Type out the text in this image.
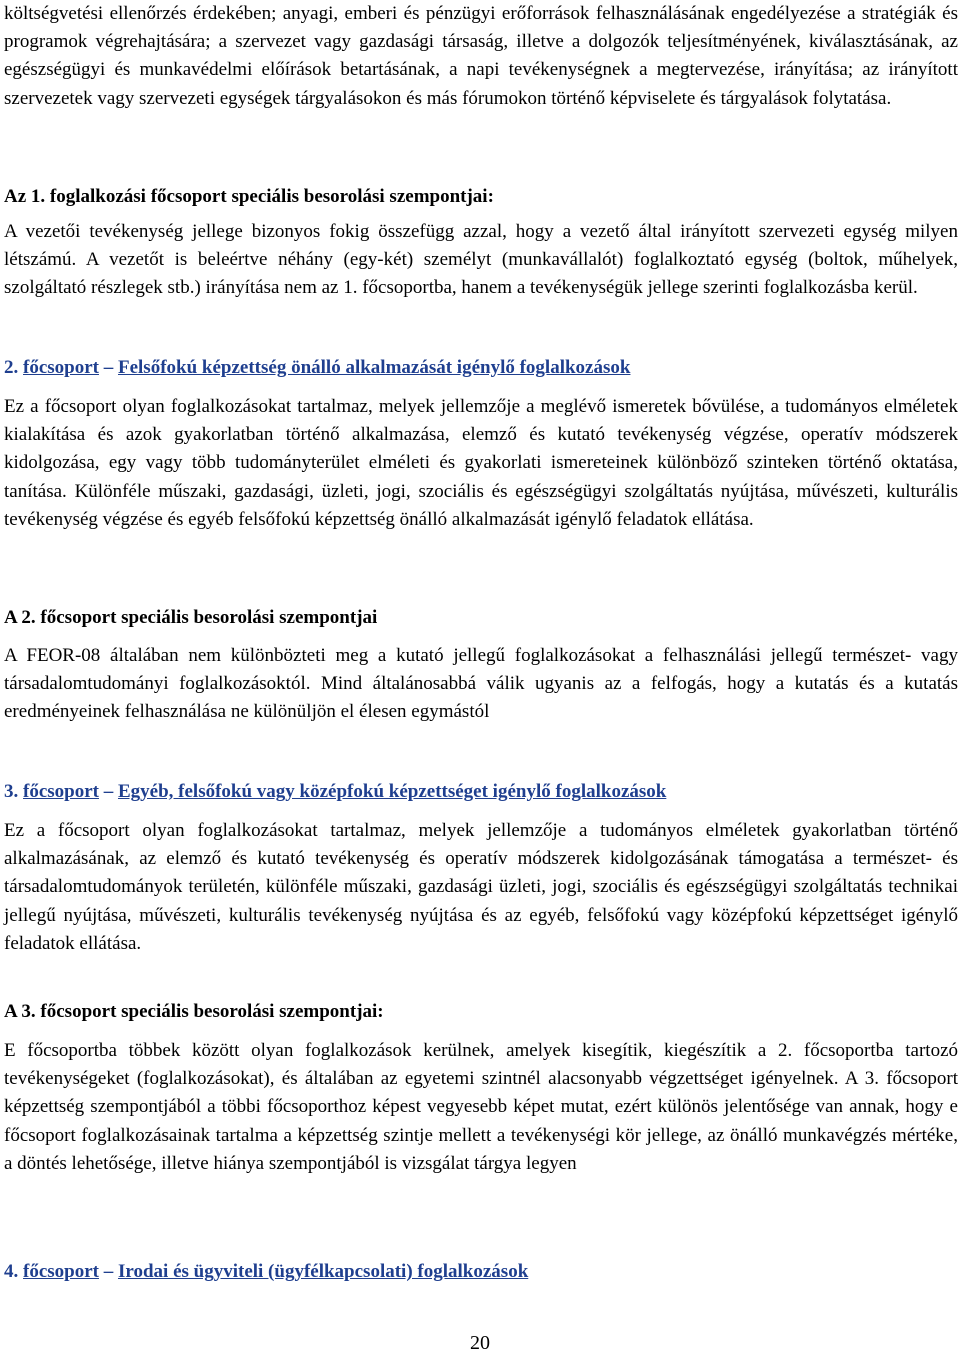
költségvetési ellenőrzés érdekében; anyagi, emberi és pénzügyi erőforrások felhasználásának engedélyezése a stratégiák és programok végrehajtására; a szervezet vagy gazdasági társaság, illetve a dolgozók teljesítményének, kiválasztásának, az egészségügyi és munkavédelmi előírások betartásának, a napi tevékenységnek a megtervezése, irányítása; az irányított szervezetek vagy szervezeti egységek tárgyalásokon és más fórumokon történő képviselete és tárgyalások folytatása.

Az 1. foglalkozási főcsoport speciális besorolási szempontjai:

A vezetői tevékenység jellege bizonyos fokig összefügg azzal, hogy a vezető által irányított szervezeti egység milyen létszámú. A vezetőt is beleértve néhány (egy-két) személyt (munkavállalót) foglalkoztató egység (boltok, műhelyek, szolgáltató részlegek stb.) irányítása nem az 1. főcsoportba, hanem a tevékenységük jellege szerinti foglalkozásba kerül.

2. főcsoport – Felsőfokú képzettség önálló alkalmazását igénylő foglalkozások

Ez a főcsoport olyan foglalkozásokat tartalmaz, melyek jellemzője a meglévő ismeretek bővülése, a tudományos elméletek kialakítása és azok gyakorlatban történő alkalmazása, elemző és kutató tevékenység végzése, operatív módszerek kidolgozása, egy vagy több tudományterület elméleti és gyakorlati ismereteinek különböző szinteken történő oktatása, tanítása. Különféle műszaki, gazdasági, üzleti, jogi, szociális és egészségügyi szolgáltatás nyújtása, művészeti, kulturális tevékenység végzése és egyéb felsőfokú képzettség önálló alkalmazását igénylő feladatok ellátása.

A 2. főcsoport speciális besorolási szempontjai

A FEOR-08 általában nem különbözteti meg a kutató jellegű foglalkozásokat a felhasználási jellegű természet- vagy társadalomtudományi foglalkozásoktól. Mind általánosabbá válik ugyanis az a felfogás, hogy a kutatás és a kutatás eredményeinek felhasználása ne különüljön el élesen egymástól

3. főcsoport – Egyéb, felsőfokú vagy középfokú képzettséget igénylő foglalkozások

Ez a főcsoport olyan foglalkozásokat tartalmaz, melyek jellemzője a tudományos elméletek gyakorlatban történő alkalmazásának, az elemző és kutató tevékenység és operatív módszerek kidolgozásának támogatása a természet- és társadalomtudományok területén, különféle műszaki, gazdasági üzleti, jogi, szociális és egészségügyi szolgáltatás technikai jellegű nyújtása, művészeti, kulturális tevékenység nyújtása és az egyéb, felsőfokú vagy középfokú képzettséget igénylő feladatok ellátása.

A 3. főcsoport speciális besorolási szempontjai:

E főcsoportba többek között olyan foglalkozások kerülnek, amelyek kisegítik, kiegészítik a 2. főcsoportba tartozó tevékenységeket (foglalkozásokat), és általában az egyetemi szintnél alacsonyabb végzettséget igényelnek. A 3. főcsoport képzettség szempontjából a többi főcsoporthoz képest vegyesebb képet mutat, ezért különös jelentősége van annak, hogy e főcsoport foglalkozásainak tartalma a képzettség szintje mellett a tevékenységi kör jellege, az önálló munkavégzés mértéke, a döntés lehetősége, illetve hiánya szempontjából is vizsgálat tárgya legyen

4. főcsoport – Irodai és ügyviteli (ügyfélkapcsolati) foglalkozások

20
